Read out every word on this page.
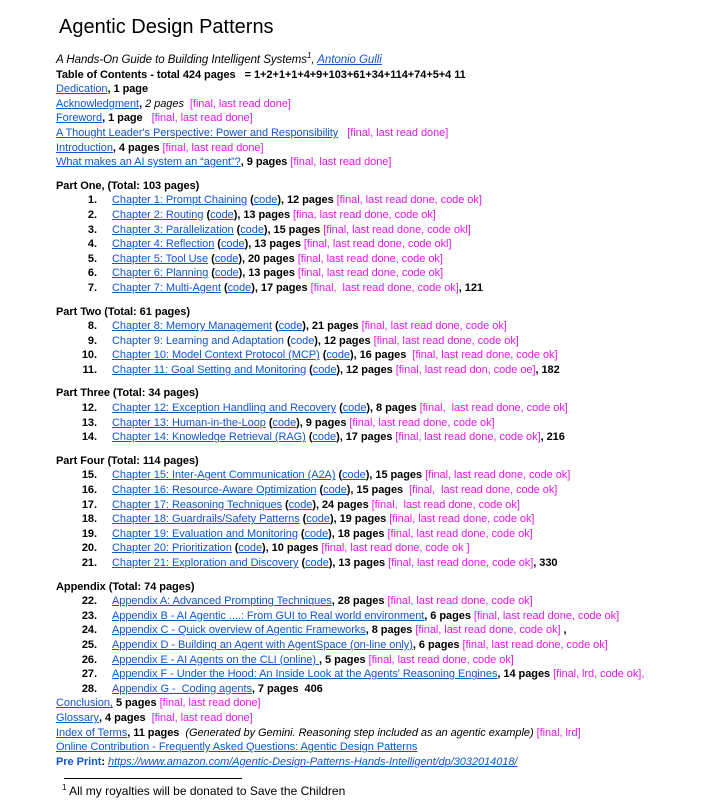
Agentic Design Patterns
A Hands-On Guide to Building Intelligent Systems$^1$, Antonio Gulli
Table of Contents - total 424 pages   = 1+2+1+1+4+9+103+61+34+114+74+5+4 11
Dedication, 1 page
Acknowledgment, 2 pages [final, last read done]
Foreword, 1 page   [final, last read done]
A Thought Leader's Perspective: Power and Responsibility [final, last read done]
Introduction, 4 pages [final, last read done]
What makes an AI system an “agent”?, 9 pages [final, last read done]
Part One, (Total: 103 pages)
1. Chapter 1: Prompt Chaining (code), 12 pages [final, last read done, code ok]
2. Chapter 2: Routing (code), 13 pages [fina, last read done, code ok]
3. Chapter 3: Parallelization (code), 15 pages [final, last read done, code okl]
4. Chapter 4: Reflection (code), 13 pages [final, last read done, code okl]
5. Chapter 5: Tool Use (code), 20 pages [final, last read done, code ok]
6. Chapter 6: Planning (code), 13 pages [final, last read done, code ok]
7. Chapter 7: Multi-Agent (code), 17 pages [final,  last read done, code ok], 121
Part Two (Total: 61 pages)
8. Chapter 8: Memory Management (code), 21 pages [final, last read done, code ok]
9. Chapter 9: Learning and Adaptation (code), 12 pages [final, last read done, code ok]
10. Chapter 10: Model Context Protocol (MCP) (code), 16 pages  [final, last read done, code ok]
11. Chapter 11: Goal Setting and Monitoring (code), 12 pages [final, last read don, code oe], 182
Part Three (Total: 34 pages)
12. Chapter 12: Exception Handling and Recovery (code), 8 pages [final,  last read done, code ok]
13. Chapter 13: Human-in-the-Loop (code), 9 pages [final, last read done, code ok]
14. Chapter 14: Knowledge Retrieval (RAG) (code), 17 pages [final, last read done, code ok], 216
Part Four (Total: 114 pages)
15. Chapter 15: Inter-Agent Communication (A2A) (code), 15 pages [final, last read done, code ok]
16. Chapter 16: Resource-Aware Optimization (code), 15 pages  [final,  last read done, code ok]
17. Chapter 17: Reasoning Techniques (code), 24 pages [final,  last read done, code ok]
18. Chapter 18: Guardrails/Safety Patterns (code), 19 pages [final, last read done, code ok]
19. Chapter 19: Evaluation and Monitoring (code), 18 pages [final, last read done, code ok]
20. Chapter 20: Prioritization (code), 10 pages [final, last read done, code ok ]
21. Chapter 21: Exploration and Discovery (code), 13 pages [final, last read done, code ok], 330
Appendix (Total: 74 pages)
22. Appendix A: Advanced Prompting Techniques, 28 pages [final, last read done, code ok]
23. Appendix B - AI Agentic ....: From GUI to Real world environment, 6 pages [final, last read done, code ok]
24. Appendix C - Quick overview of Agentic Frameworks, 8 pages [final, last read done, code ok] ,
25. Appendix D - Building an Agent with AgentSpace (on-line only), 6 pages [final, last read done, code ok]
26. Appendix E - AI Agents on the CLI (online) , 5 pages [final, last read done, code ok]
27. Appendix F - Under the Hood: An Inside Look at the Agents' Reasoning Engines, 14 pages [final, lrd, code ok],
28. Appendix G -  Coding agents, 7 pages  406
Conclusion, 5 pages [final, last read done]
Glossary, 4 pages  [final, last read done]
Index of Terms, 11 pages  (Generated by Gemini. Reasoning step included as an agentic example) [final, lrd]
Online Contribution - Frequently Asked Questions: Agentic Design Patterns
Pre Print: https://www.amazon.com/Agentic-Design-Patterns-Hands-Intelligent/dp/3032014018/
$^1$ All my royalties will be donated to Save the Children
